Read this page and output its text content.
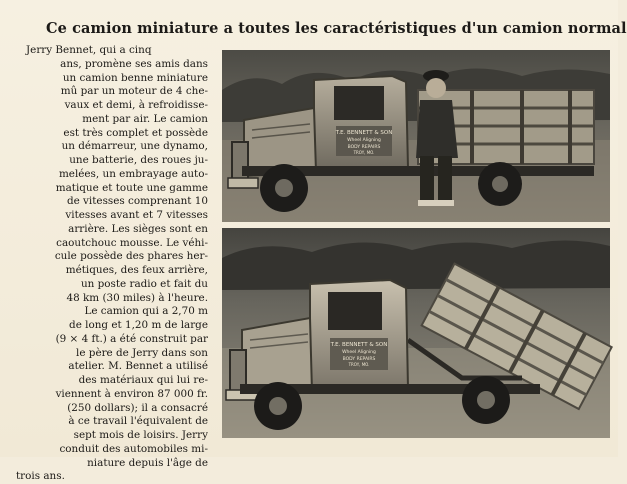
Ce camion miniature a toutes les caractéristiques d'un camion normal
Jerry Bennet, qui a cinq
ans, promène ses amis dans
un camion benne miniature
mû par un moteur de 4 che-
vaux et demi, à refroidisse-
ment par air. Le camion
est très complet et possède
un démarreur, une dynamo,
une batterie, des roues ju-
melées, un embrayage auto-
matique et toute une gamme
de vitesses comprenant 10
vitesses avant et 7 vitesses
arrière. Les sièges sont en
caoutchouc mousse. Le véhi-
cule possède des phares her-
métiques, des feux arrière,
un poste radio et fait du
48 km (30 miles) à l'heure.
Le camion qui a 2,70 m
de long et 1,20 m de large
(9 × 4 ft.) a été construit par
le père de Jerry dans son
atelier. M. Bennet a utilisé
des matériaux qui lui re-
viennent à environ 87 000 fr.
(250 dollars); il a consacré
à ce travail l'équivalent de
sept mois de loisirs. Jerry
conduit des automobiles mi-
niature depuis l'âge de
trois ans.
T.E. BENNETT & SON
Wheel Aligning
BODY REPAIRS
TROY, MO.
T.E. BENNETT & SON
Wheel Aligning
BODY REPAIRS
TROY, MO.
